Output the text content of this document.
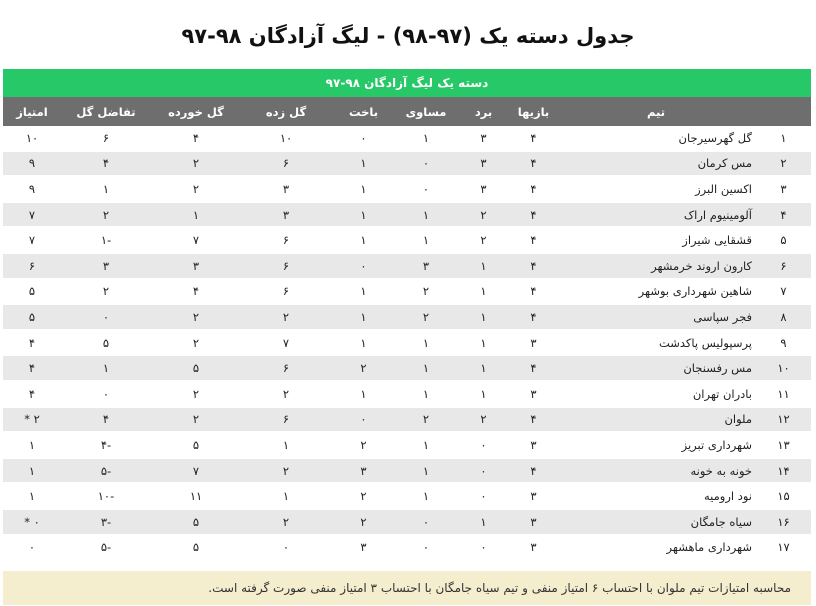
جدول دسته یک (۹۷-۹۸) - لیگ آزادگان ۹۸-۹۷
دسته یک لیگ آزادگان ۹۸-۹۷
	تیم	بازیها	برد	مساوی	باخت	گل زده	گل خورده	تفاضل گل	امتیاز
۱	گل گهرسیرجان	۴	۳	۱	۰	۱۰	۴	۶	۱۰
۲	مس کرمان	۴	۳	۰	۱	۶	۲	۴	۹
۳	اکسین البرز	۴	۳	۰	۱	۳	۲	۱	۹
۴	آلومینیوم اراک	۴	۲	۱	۱	۳	۱	۲	۷
۵	قشقایی شیراز	۴	۲	۱	۱	۶	۷	-۱	۷
۶	کارون اروند خرمشهر	۴	۱	۳	۰	۶	۳	۳	۶
۷	شاهین شهرداری بوشهر	۴	۱	۲	۱	۶	۴	۲	۵
۸	فجر سپاسی	۴	۱	۲	۱	۲	۲	۰	۵
۹	پرسپولیس پاکدشت	۳	۱	۱	۱	۷	۲	۵	۴
۱۰	مس رفسنجان	۴	۱	۱	۲	۶	۵	۱	۴
۱۱	بادران تهران	۳	۱	۱	۱	۲	۲	۰	۴
۱۲	ملوان	۴	۲	۲	۰	۶	۲	۴	۲ *
۱۳	شهرداری تبریز	۳	۰	۱	۲	۱	۵	-۴	۱
۱۴	خونه به خونه	۴	۰	۱	۳	۲	۷	-۵	۱
۱۵	نود ارومیه	۳	۰	۱	۲	۱	۱۱	-۱۰	۱
۱۶	سیاه جامگان	۳	۱	۰	۲	۲	۵	-۳	۰ *
۱۷	شهرداری ماهشهر	۳	۰	۰	۳	۰	۵	-۵	۰
محاسبه امتیازات تیم ملوان با احتساب ۶ امتیاز منفی و تیم سیاه جامگان با احتساب ۳ امتیاز منفی صورت گرفته است.
